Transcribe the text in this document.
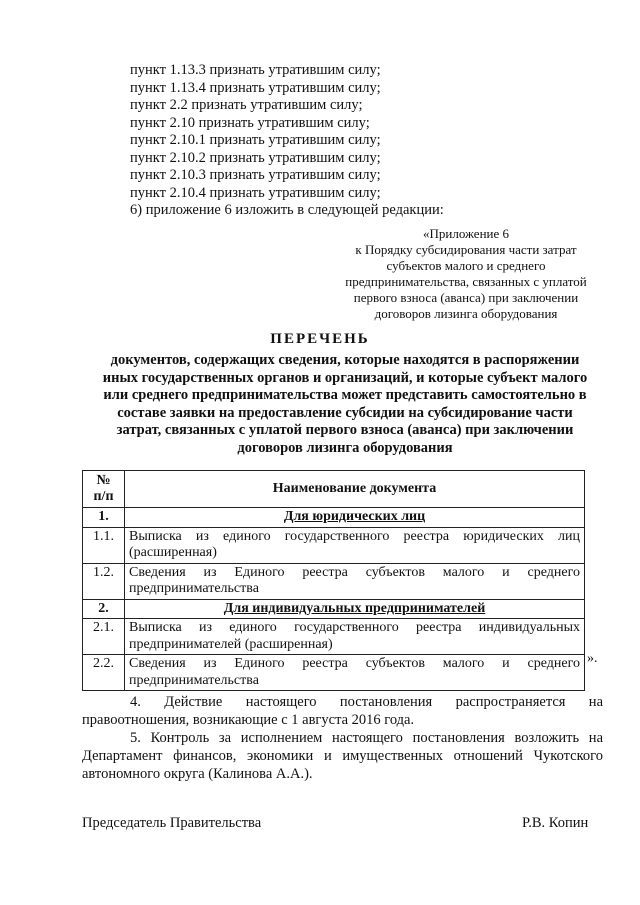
пункт 1.13.3 признать утратившим силу;
пункт 1.13.4 признать утратившим силу;
пункт 2.2 признать утратившим силу;
пункт 2.10 признать утратившим силу;
пункт 2.10.1 признать утратившим силу;
пункт 2.10.2 признать утратившим силу;
пункт 2.10.3 признать утратившим силу;
пункт 2.10.4 признать утратившим силу;
6) приложение 6 изложить в следующей редакции:
«Приложение 6
к Порядку субсидирования части затрат
субъектов малого и среднего
предпринимательства, связанных с уплатой
первого взноса (аванса) при заключении
договоров лизинга оборудования
ПЕРЕЧЕНЬ
документов, содержащих сведения, которые находятся в распоряжении
иных государственных органов и организаций, и которые субъект малого
или среднего предпринимательства может представить самостоятельно в
составе заявки на предоставление субсидии на субсидирование части
затрат, связанных с уплатой первого взноса (аванса) при заключении
договоров лизинга оборудования
№
п/п	Наименование документа
1.	Для юридических лиц
1.1.	Выписка из единого государственного реестра юридических лиц
(расширенная)

1.2.	Сведения из Единого реестра субъектов малого и среднего
предпринимательства

2.	Для индивидуальных предпринимателей
2.1.	Выписка из единого государственного реестра индивидуальных
предпринимателей (расширенная)

2.2.	Сведения из Единого реестра субъектов малого и среднего
предпринимательства
».
4. Действие настоящего постановления распространяется на правоотношения, возникающие с 1 августа 2016 года.
5. Контроль за исполнением настоящего постановления возложить на Департамент финансов, экономики и имущественных отношений Чукотского автономного округа (Калинова А.А.).
Председатель Правительства	Р.В. Копин
